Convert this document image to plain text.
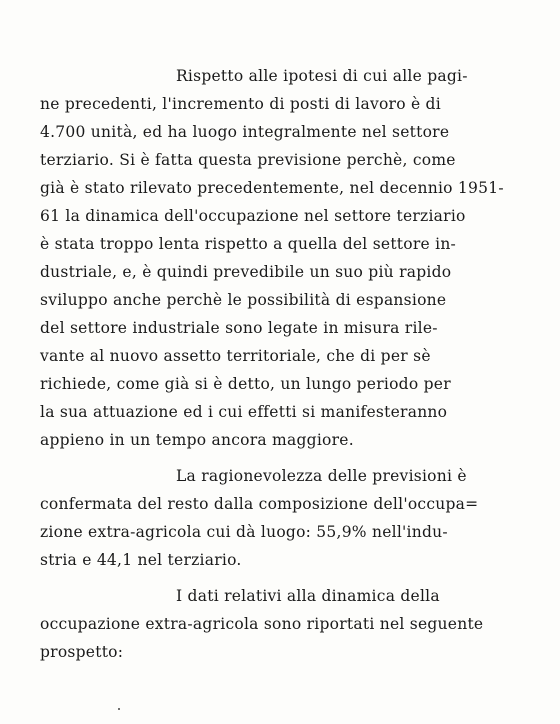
Rispetto alle ipotesi di cui alle pagi-
ne precedenti, l'incremento di posti di lavoro è di
4.700 unità, ed ha luogo integralmente nel settore
terziario. Si è fatta questa previsione perchè, come
già è stato rilevato precedentemente, nel decennio 1951-
61 la dinamica dell'occupazione nel settore terziario
è stata troppo lenta rispetto a quella del settore in-
dustriale, e, è quindi prevedibile un suo più rapido
sviluppo anche perchè le possibilità di espansione
del settore industriale sono legate in misura rile-
vante al nuovo assetto territoriale, che di per sè
richiede, come già si è detto, un lungo periodo per
la sua attuazione ed i cui effetti si manifesteranno
appieno in un tempo ancora maggiore.
La ragionevolezza delle previsioni è
confermata del resto dalla composizione dell'occupa=
zione extra-agricola cui dà luogo: 55,9% nell'indu-
stria e 44,1 nel terziario.
I dati relativi alla dinamica della
occupazione extra-agricola sono riportati nel seguente
prospetto:
